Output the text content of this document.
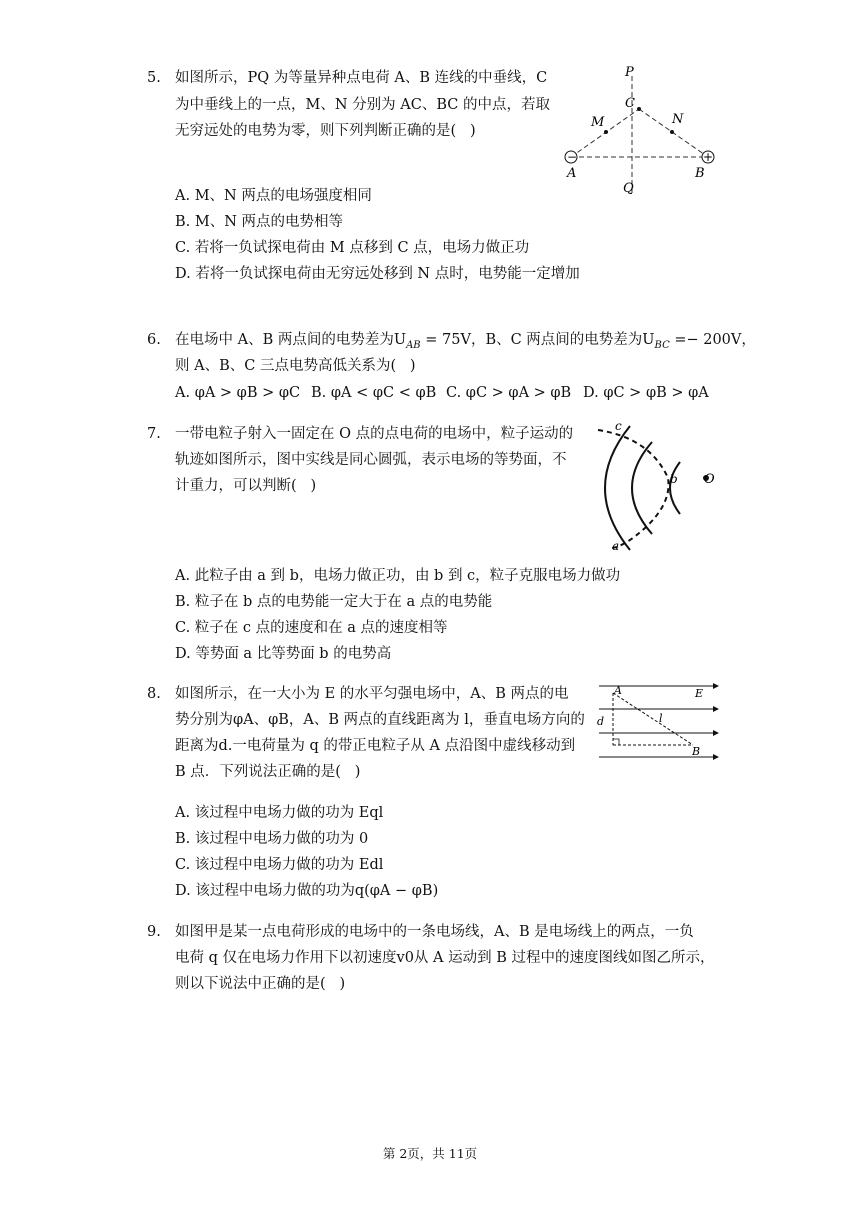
5. 如图所示，PQ 为等量异种点电荷 A、B 连线的中垂线，C
为中垂线上的一点，M、N 分别为 AC、BC 的中点，若取
无穷远处的电势为零，则下列判断正确的是(   )
−	+
P
C
M	N
A	B
Q
A. M、N 两点的电场强度相同
B. M、N 两点的电势相等
C. 若将一负试探电荷由 M 点移到 C 点，电场力做正功
D. 若将一负试探电荷由无穷远处移到 N 点时，电势能一定增加
6. 在电场中 A、B 两点间的电势差为$U_{AB} = 75V$，B、C 两点间的电势差为$U_{BC} =- 200V$，
则 A、B、C 三点电势高低关系为(   )
A. φA > φB > φC B. φA < φC < φB C. φC > φA > φB D. φC > φB > φA
7. 一带电粒子射入一固定在 O 点的点电荷的电场中，粒子运动的
轨迹如图所示，图中实线是同心圆弧，表示电场的等势面，不
计重力，可以判断(   )
c
b
a
O
A. 此粒子由 a 到 b，电场力做正功，由 b 到 c，粒子克服电场力做功
B. 粒子在 b 点的电势能一定大于在 a 点的电势能
C. 粒子在 c 点的速度和在 a 点的速度相等
D. 等势面 a 比等势面 b 的电势高
8. 如图所示，在一大小为 E 的水平匀强电场中，A、B 两点的电
势分别为φA、φB，A、B 两点的直线距离为 l，垂直电场方向的
距离为d.一电荷量为 q 的带正电粒子从 A 点沿图中虚线移动到
B 点．下列说法正确的是(   )
A	E
d	l
B
A. 该过程中电场力做的功为 Eql
B. 该过程中电场力做的功为 0
C. 该过程中电场力做的功为 Edl
D. 该过程中电场力做的功为q(φA − φB)
9. 如图甲是某一点电荷形成的电场中的一条电场线，A、B 是电场线上的两点，一负
电荷 q 仅在电场力作用下以初速度v0从 A 运动到 B 过程中的速度图线如图乙所示，
则以下说法中正确的是(   )
第 2页，共 11页
